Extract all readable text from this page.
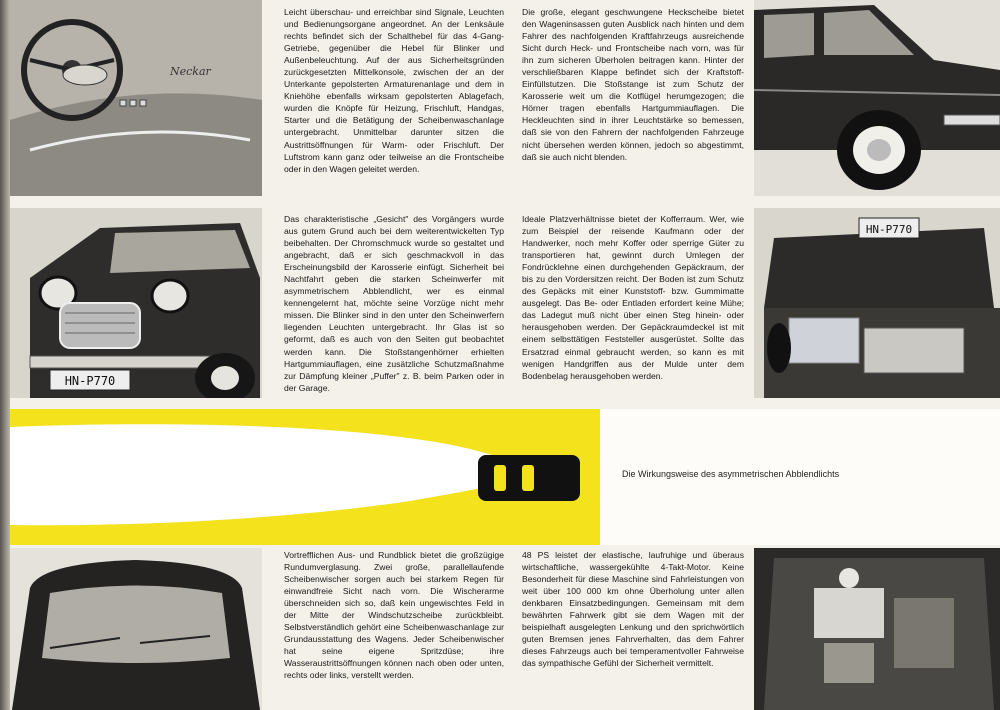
Neckar
HN-P770

Leicht überschau- und erreichbar sind Signale, Leuchten und Bedienungsorgane angeordnet. An der Lenksäule rechts befindet sich der Schalthebel für das 4-Gang-Getriebe, gegenüber die Hebel für Blinker und Außenbeleuchtung. Auf der aus Sicherheitsgründen zurückgesetzten Mittelkonsole, zwischen der an der Unterkante gepolsterten Armaturenanlage und dem in Kniehöhe ebenfalls wirksam gepolsterten Ablagefach, wurden die Knöpfe für Heizung, Frischluft, Handgas, Starter und die Betätigung der Scheibenwaschanlage untergebracht. Unmittelbar darunter sitzen die Austrittsöffnungen für Warm- oder Frischluft. Der Luftstrom kann ganz oder teilweise an die Frontscheibe oder in den Wagen geleitet werden.

Die große, elegant geschwungene Heckscheibe bietet den Wageninsassen guten Ausblick nach hinten und dem Fahrer des nachfolgenden Kraftfahrzeugs ausreichende Sicht durch Heck- und Frontscheibe nach vorn, was für ihn zum sicheren Überholen beitragen kann. Hinter der verschließbaren Klappe befindet sich der Kraftstoff-Einfüllstutzen. Die Stoßstange ist zum Schutz der Karosserie weit um die Kotflügel herumgezogen; die Hörner tragen ebenfalls Hartgummiauflagen. Die Heckleuchten sind in ihrer Leuchtstärke so bemessen, daß sie von den Fahrern der nachfolgenden Fahrzeuge nicht übersehen werden können, jedoch so abgestimmt, daß sie auch nicht blenden.

Das charakteristische „Gesicht" des Vorgängers wurde aus gutem Grund auch bei dem weiterentwickelten Typ beibehalten. Der Chromschmuck wurde so gestaltet und angebracht, daß er sich geschmackvoll in das Erscheinungsbild der Karosserie einfügt. Sicherheit bei Nachtfahrt geben die starken Scheinwerfer mit asymmetrischem Abblendlicht, wer es einmal kennengelernt hat, möchte seine Vorzüge nicht mehr missen. Die Blinker sind in den unter den Scheinwerfern liegenden Leuchten untergebracht. Ihr Glas ist so geformt, daß es auch von den Seiten gut beobachtet werden kann. Die Stoßstangenhörner erhielten Hartgummiauflagen, eine zusätzliche Schutzmaßnahme zur Dämpfung kleiner „Puffer" z. B. beim Parken oder in der Garage.

Ideale Platzverhältnisse bietet der Kofferraum. Wer, wie zum Beispiel der reisende Kaufmann oder der Handwerker, noch mehr Koffer oder sperrige Güter zu transportieren hat, gewinnt durch Umlegen der Fondrücklehne einen durchgehenden Gepäckraum, der bis zu den Vordersitzen reicht. Der Boden ist zum Schutz des Gepäcks mit einer Kunststoff- bzw. Gummimatte ausgelegt. Das Be- oder Entladen erfordert keine Mühe; das Ladegut muß nicht über einen Steg hinein- oder herausgehoben werden. Der Gepäckraumdeckel ist mit einem selbsttätigen Feststeller ausgerüstet. Sollte das Ersatzrad einmal gebraucht werden, so kann es mit wenigen Handgriffen aus der Mulde unter dem Bodenbelag herausgehoben werden.

HN-P770
Die Wirkungsweise des asymmetrischen Abblendlichts

Vortrefflichen Aus- und Rundblick bietet die großzügige Rundumverglasung. Zwei große, parallellaufende Scheibenwischer sorgen auch bei starkem Regen für einwandfreie Sicht nach vorn. Die Wischerarme überschneiden sich so, daß kein ungewischtes Feld in der Mitte der Windschutzscheibe zurückbleibt. Selbstverständlich gehört eine Scheibenwaschanlage zur Grundausstattung des Wagens. Jeder Scheibenwischer hat seine eigene Spritzdüse; ihre Wasseraustrittsöffnungen können nach oben oder unten, rechts oder links, verstellt werden.

48 PS leistet der elastische, laufruhige und überaus wirtschaftliche, wassergekühlte 4-Takt-Motor. Keine Besonderheit für diese Maschine sind Fahrleistungen von weit über 100 000 km ohne Überholung unter allen denkbaren Einsatzbedingungen. Gemeinsam mit dem bewährten Fahrwerk gibt sie dem Wagen mit der beispielhaft ausgelegten Lenkung und den sprichwörtlich guten Bremsen jenes Fahrverhalten, das dem Fahrer dieses Fahrzeugs auch bei temperamentvoller Fahrweise das sympathische Gefühl der Sicherheit vermittelt.
